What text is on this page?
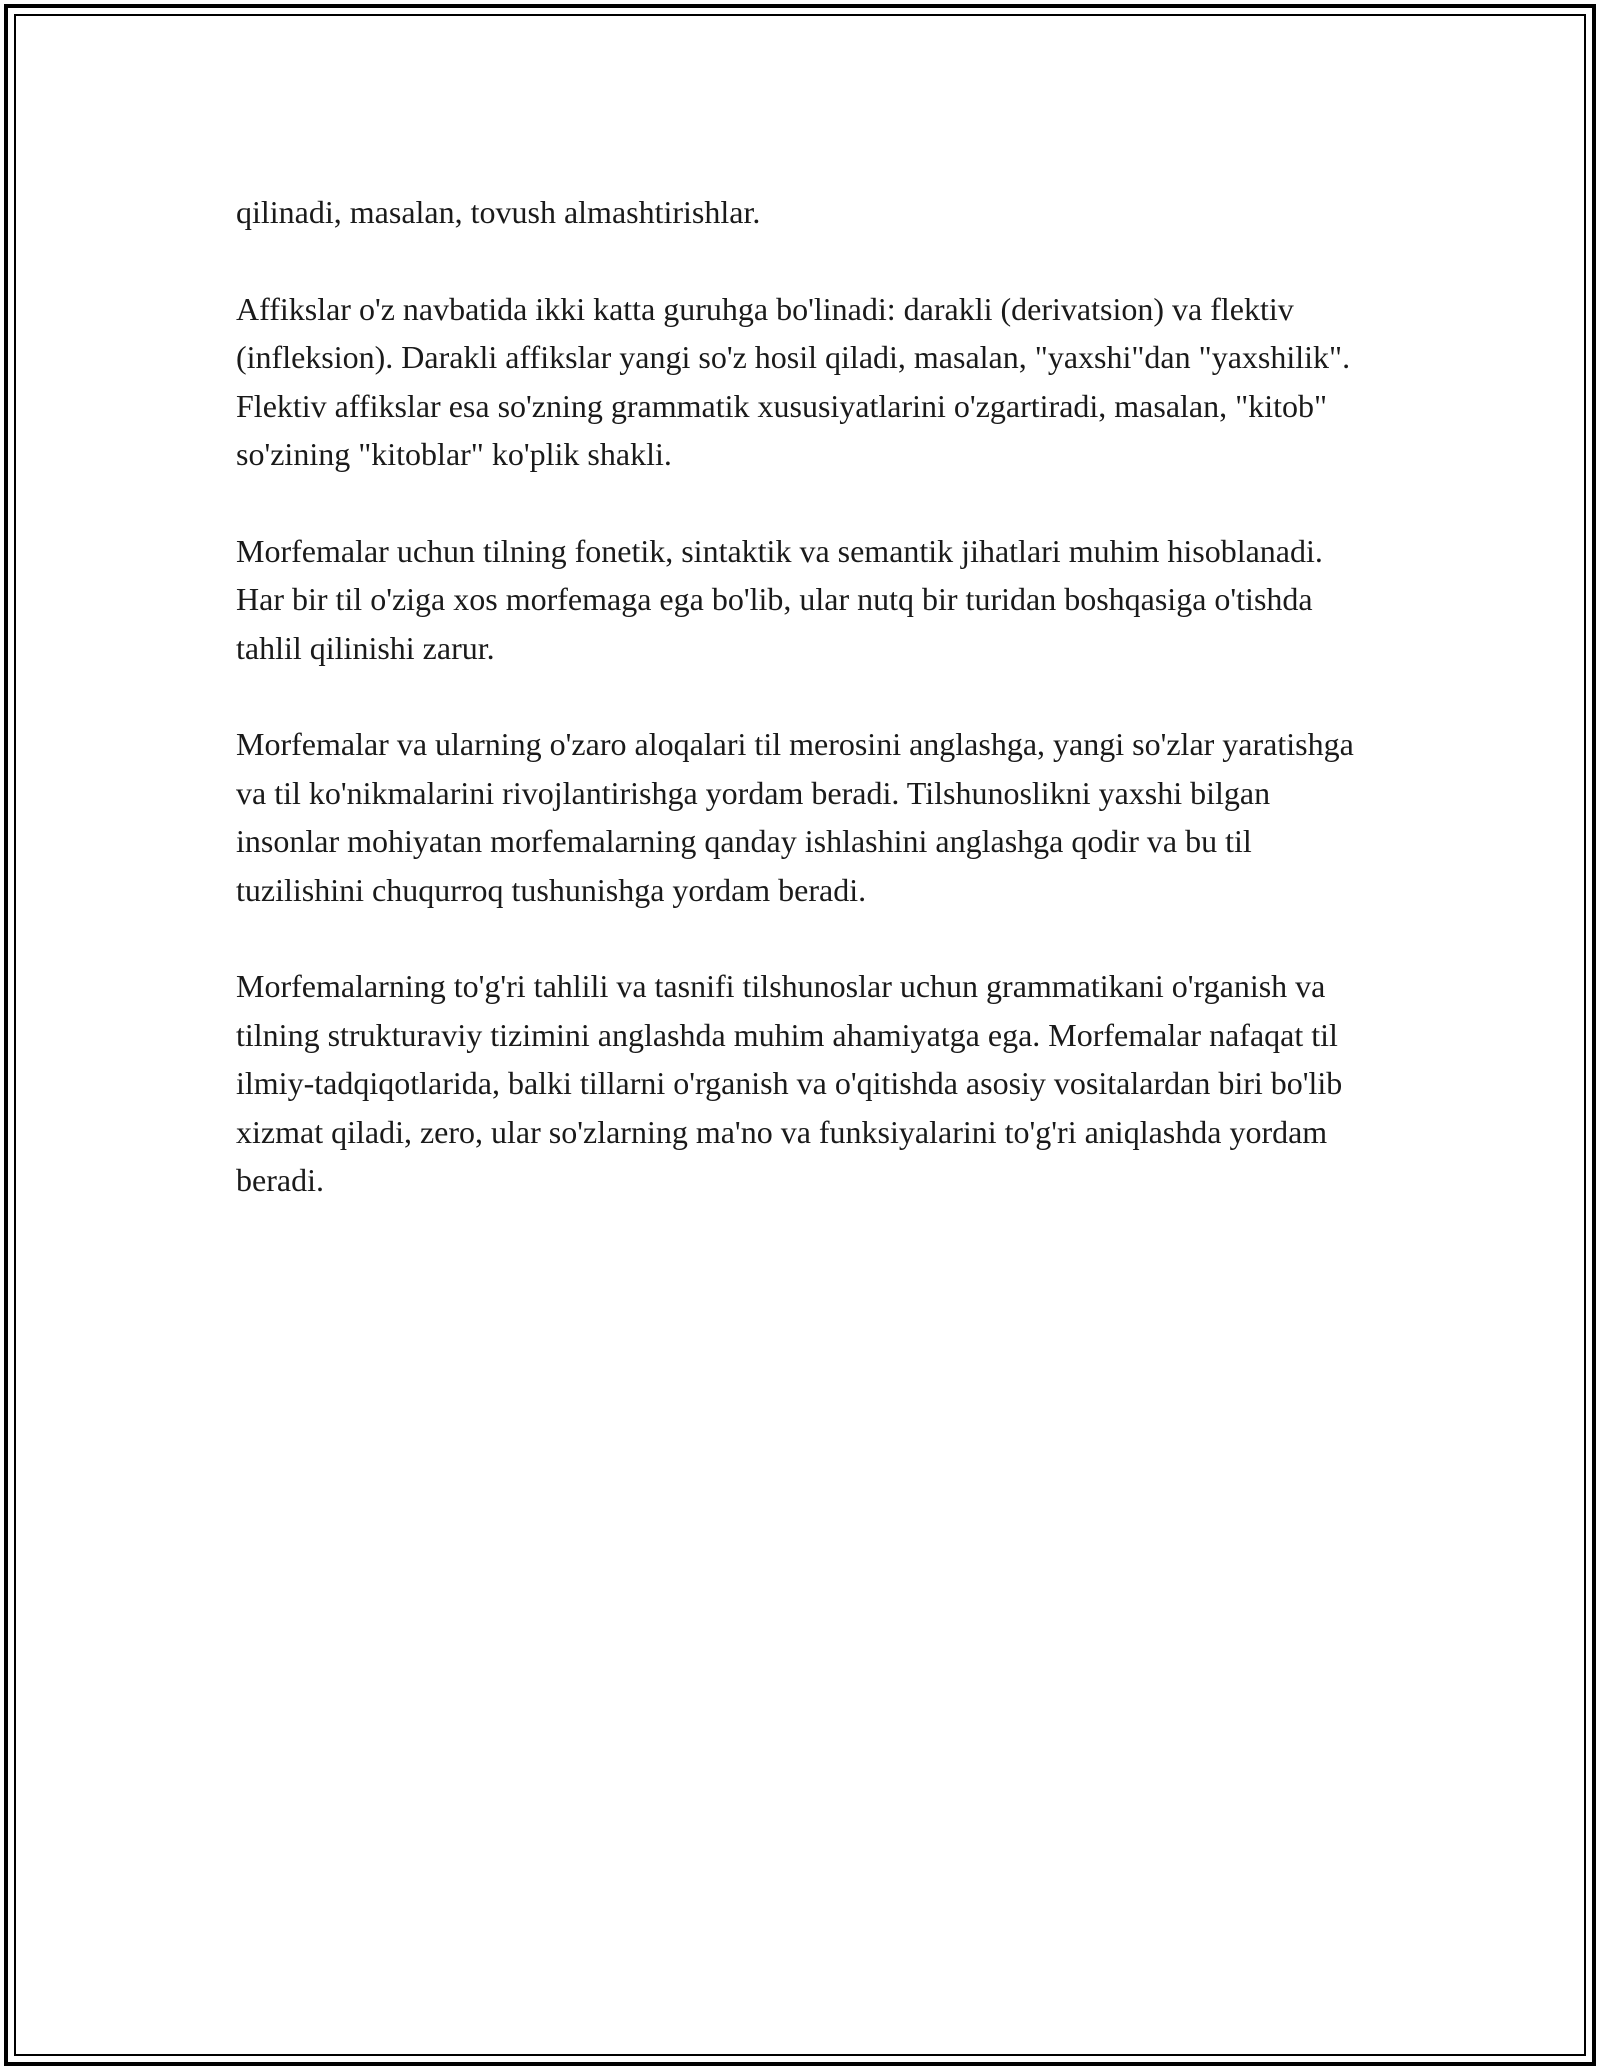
qilinadi, masalan, tovush almashtirishlar.

Affikslar o'z navbatida ikki katta guruhga bo'linadi: darakli (derivatsion) va flektiv (infleksion). Darakli affikslar yangi so'z hosil qiladi, masalan, "yaxshi"dan "yaxshilik". Flektiv affikslar esa so'zning grammatik xususiyatlarini o'zgartiradi, masalan, "kitob" so'zining "kitoblar" ko'plik shakli.

Morfemalar uchun tilning fonetik, sintaktik va semantik jihatlari muhim hisoblanadi. Har bir til o'ziga xos morfemaga ega bo'lib, ular nutq bir turidan boshqasiga o'tishda tahlil qilinishi zarur.

Morfemalar va ularning o'zaro aloqalari til merosini anglashga, yangi so'zlar yaratishga va til ko'nikmalarini rivojlantirishga yordam beradi. Tilshunoslikni yaxshi bilgan insonlar mohiyatan morfemalarning qanday ishlashini anglashga qodir va bu til tuzilishini chuqurroq tushunishga yordam beradi.

Morfemalarning to'g'ri tahlili va tasnifi tilshunoslar uchun grammatikani o'rganish va tilning strukturaviy tizimini anglashda muhim ahamiyatga ega. Morfemalar nafaqat til ilmiy-tadqiqotlarida, balki tillarni o'rganish va o'qitishda asosiy vositalardan biri bo'lib xizmat qiladi, zero, ular so'zlarning ma'no va funksiyalarini to'g'ri aniqlashda yordam beradi.
